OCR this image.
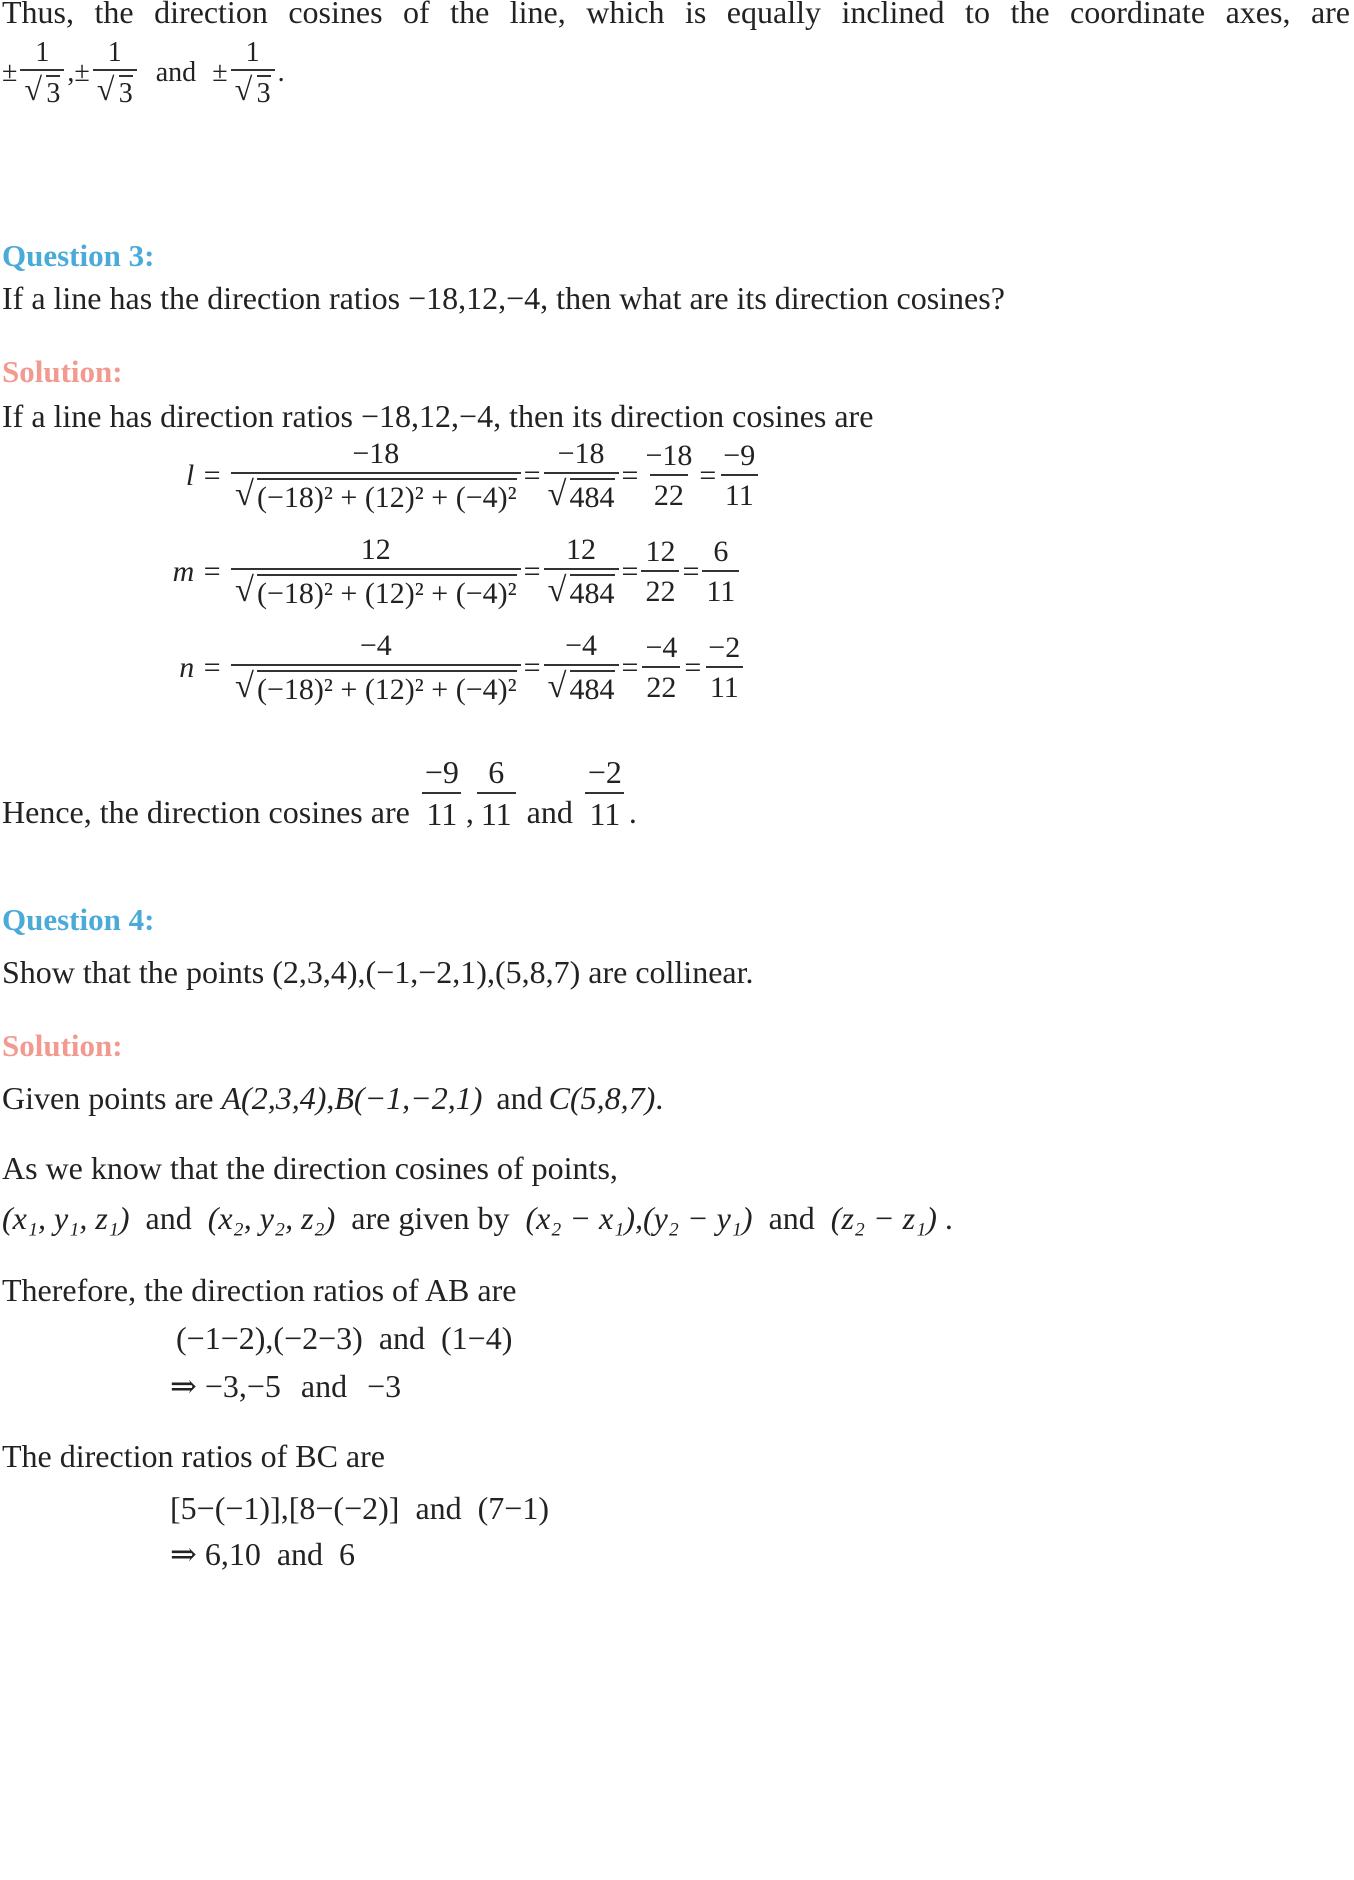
Thus, the direction cosines of the line, which is equally inclined to the coordinate axes, are
± 1
√ 3 , ± 1
√ 3 and ± 1
√ 3 .
Question 3:
If a line has the direction ratios −18,12,−4, then what are its direction cosines?
Solution:
If a line has direction ratios −18,12,−4, then its direction cosines are
l = −18
√ (−18)² + (12)² + (−4)² = −18
√ $484 = \frac{-18}{22} = \frac{-9}{11}$
m = 12
√ (−18)² + (12)² + (−4)² = 12
√ $484 = \frac{12}{22} = \frac{6}{11}$
n = −4
√ (−18)² + (12)² + (−4)² = −4
√ $484 = \frac{-4}{22} = \frac{-2}{11}$
Hence, the direction cosines are $\frac{-9}{11}$ , $\frac{6}{11}$ and $\frac{-2}{11}$ .
Question 4:
Show that the points (2,3,4),(−1,−2,1),(5,8,7) are collinear.
Solution:
Given points are A(2,3,4),B(−1,−2,1) and C(5,8,7).
As we know that the direction cosines of points,
(x₁, y₁, z₁) and (x₂, y₂, z₂) are given by (x₂ − x₁),(y₂ − y₁) and (z₂ − z₁) .
Therefore, the direction ratios of AB are
(−1−2),(−2−3) and (1−4)
⇒ −3,−5 and −3
The direction ratios of BC are
[5−(−1)],[8−(−2)] and (7−1)
⇒ 6,10 and 6
